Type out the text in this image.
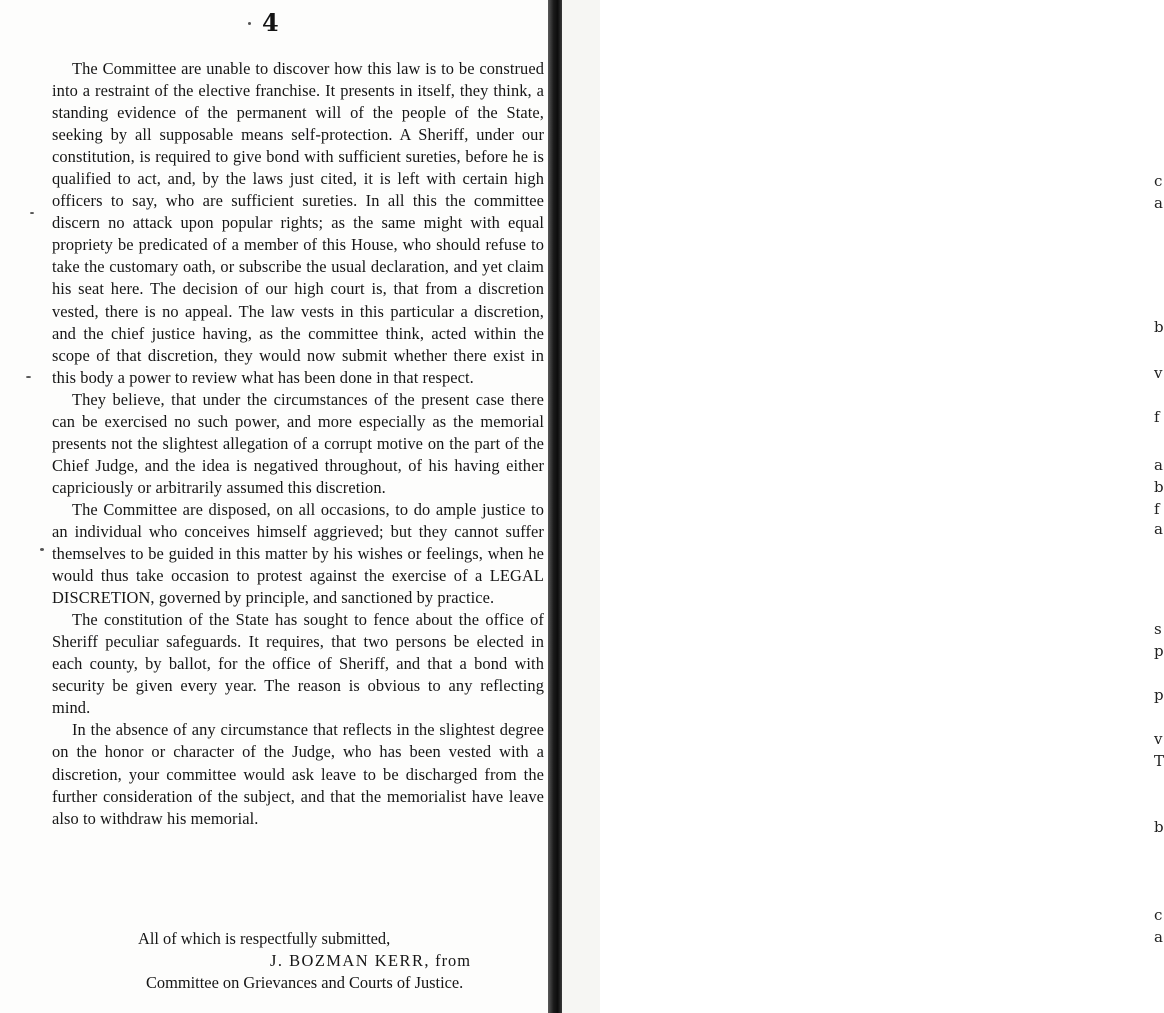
4

The Committee are unable to discover how this law is to be construed into a restraint of the elective franchise. It presents in itself, they think, a standing evidence of the permanent will of the people of the State, seeking by all supposable means self-protection. A Sheriff, under our constitution, is required to give bond with sufficient sureties, before he is qualified to act, and, by the laws just cited, it is left with certain high officers to say, who are sufficient sureties. In all this the committee discern no attack upon popular rights; as the same might with equal propriety be predicated of a member of this House, who should refuse to take the customary oath, or subscribe the usual declaration, and yet claim his seat here. The decision of our high court is, that from a discretion vested, there is no appeal. The law vests in this particular a discretion, and the chief justice having, as the committee think, acted within the scope of that discretion, they would now submit whether there exist in this body a power to review what has been done in that respect.

They believe, that under the circumstances of the present case there can be exercised no such power, and more especially as the memorial presents not the slightest allegation of a corrupt motive on the part of the Chief Judge, and the idea is negatived throughout, of his having either capriciously or arbitrarily assumed this discretion.

The Committee are disposed, on all occasions, to do ample justice to an individual who conceives himself aggrieved; but they cannot suffer themselves to be guided in this matter by his wishes or feelings, when he would thus take occasion to protest against the exercise of a LEGAL DISCRETION, governed by principle, and sanctioned by practice.

The constitution of the State has sought to fence about the office of Sheriff peculiar safeguards. It requires, that two persons be elected in each county, by ballot, for the office of Sheriff, and that a bond with security be given every year. The reason is obvious to any reflecting mind.

In the absence of any circumstance that reflects in the slightest degree on the honor or character of the Judge, who has been vested with a discretion, your committee would ask leave to be discharged from the further consideration of the subject, and that the memorialist have leave also to withdraw his memorial.

All of which is respectfully submitted,
J. BOZMAN KERR, from
Committee on Grievances and Courts of Justice.
c
a
b
v
f
a
b
f
a
s
p
p
v
T
b
c
a
